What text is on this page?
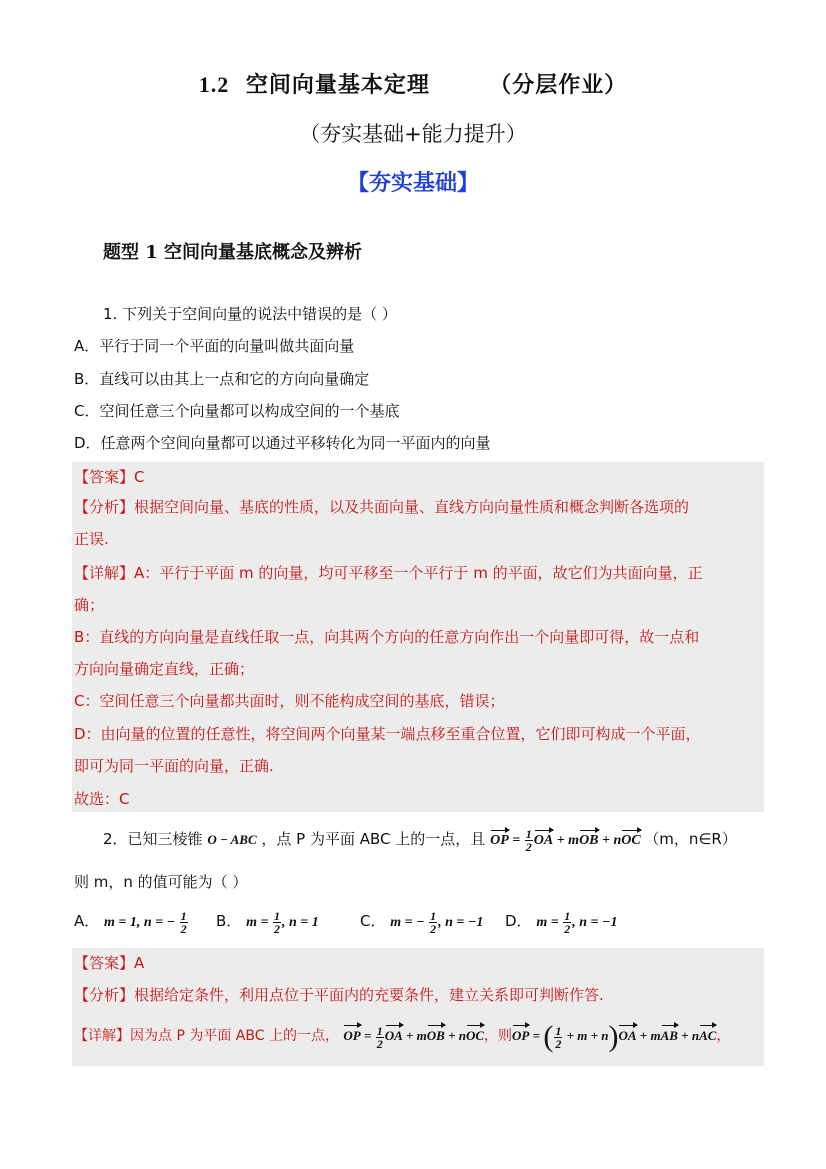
1.2 空间向量基本定理	（分层作业）
（夯实基础+能力提升）
【夯实基础】
题型 1 空间向量基底概念及辨析
1. 下列关于空间向量的说法中错误的是（ ）
A．平行于同一个平面的向量叫做共面向量
B．直线可以由其上一点和它的方向向量确定
C．空间任意三个向量都可以构成空间的一个基底
D．任意两个空间向量都可以通过平移转化为同一平面内的向量
【答案】C
【分析】根据空间向量、基底的性质，以及共面向量、直线方向向量性质和概念判断各选项的
正误.
【详解】A：平行于平面 m 的向量，均可平移至一个平行于 m 的平面，故它们为共面向量，正
确；
B：直线的方向向量是直线任取一点，向其两个方向的任意方向作出一个向量即可得，故一点和
方向向量确定直线，正确；
C：空间任意三个向量都共面时，则不能构成空间的基底，错误；
D：由向量的位置的任意性，将空间两个向量某一端点移至重合位置，它们即可构成一个平面，
即可为同一平面的向量，正确.
故选：C
2．已知三棱锥 O − ABC ，点 P 为平面 ABC 上的一点，且 OP = $\frac{1}{2}$ OA + mOB + nOC （m，n∈R）
则 m，n 的值可能为（ ）
A． m = 1, n = − $\frac{1}{2}$ B． $m = \frac{1}{2}$ , n = 1	C． m = − $\frac{1}{2}$ , n = −1 D． $m = \frac{1}{2}$ , n = −1
【答案】A
【分析】根据给定条件，利用点位于平面内的充要条件，建立关系即可判断作答.
【详解】因为点 P 为平面 ABC 上的一点， OP = $\frac{1}{2}$ OA + mOB + nOC，则OP = ( $\frac{1}{2} + m + n)OA$ + mAB + nAC，
